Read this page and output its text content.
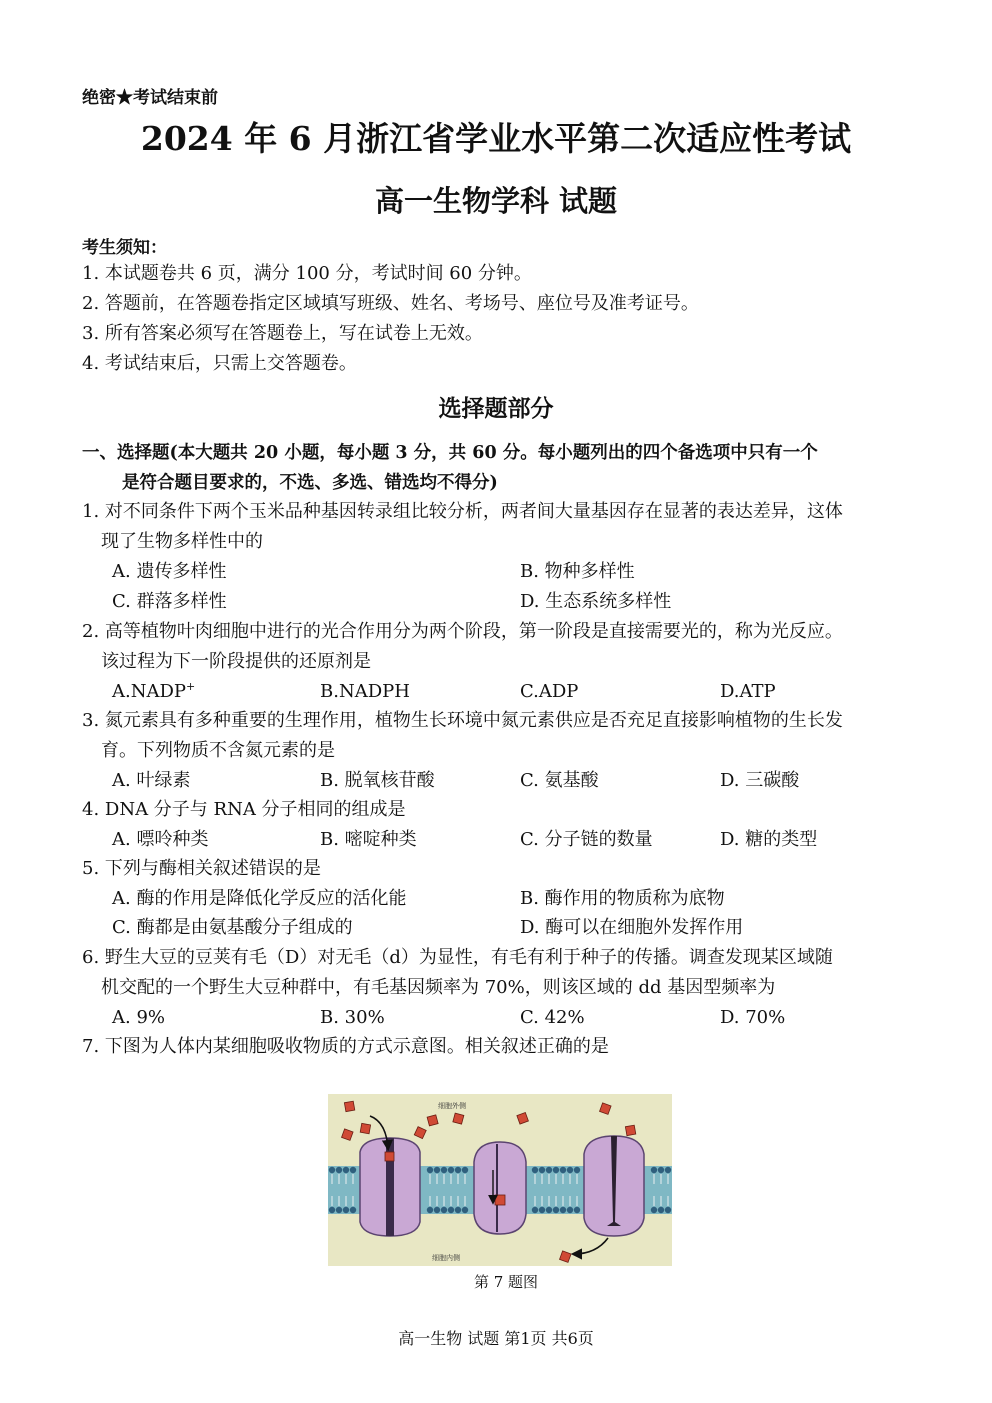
绝密★考试结束前
2024 年 6 月浙江省学业水平第二次适应性考试
高一生物学科 试题
考生须知：
1. 本试题卷共 6 页，满分 100 分，考试时间 60 分钟。
2. 答题前，在答题卷指定区域填写班级、姓名、考场号、座位号及准考证号。
3. 所有答案必须写在答题卷上，写在试卷上无效。
4. 考试结束后，只需上交答题卷。
选择题部分
一、选择题(本大题共 20 小题，每小题 3 分，共 60 分。每小题列出的四个备选项中只有一个
是符合题目要求的，不选、多选、错选均不得分)
1. 对不同条件下两个玉米品种基因转录组比较分析，两者间大量基因存在显著的表达差异，这体
现了生物多样性中的
A. 遗传多样性	B. 物种多样性
C. 群落多样性	D. 生态系统多样性
2. 高等植物叶肉细胞中进行的光合作用分为两个阶段，第一阶段是直接需要光的，称为光反应。
该过程为下一阶段提供的还原剂是
A.NADP+	B.NADPH	C.ADP	D.ATP
3. 氮元素具有多种重要的生理作用，植物生长环境中氮元素供应是否充足直接影响植物的生长发
育。下列物质不含氮元素的是
A. 叶绿素	B. 脱氧核苷酸	C. 氨基酸	D. 三碳酸
4. DNA 分子与 RNA 分子相同的组成是
A. 嘌呤种类	B. 嘧啶种类	C. 分子链的数量	D. 糖的类型
5. 下列与酶相关叙述错误的是
A. 酶的作用是降低化学反应的活化能	B. 酶作用的物质称为底物
C. 酶都是由氨基酸分子组成的	D. 酶可以在细胞外发挥作用
6. 野生大豆的豆荚有毛（D）对无毛（d）为显性，有毛有利于种子的传播。调查发现某区域随
机交配的一个野生大豆种群中，有毛基因频率为 70%，则该区域的 dd 基因型频率为
A. 9%	B. 30%	C. 42%	D. 70%
7. 下图为人体内某细胞吸收物质的方式示意图。相关叙述正确的是
细胞外侧
细胞内侧
第 7 题图
高一生物 试题 第1页 共6页
